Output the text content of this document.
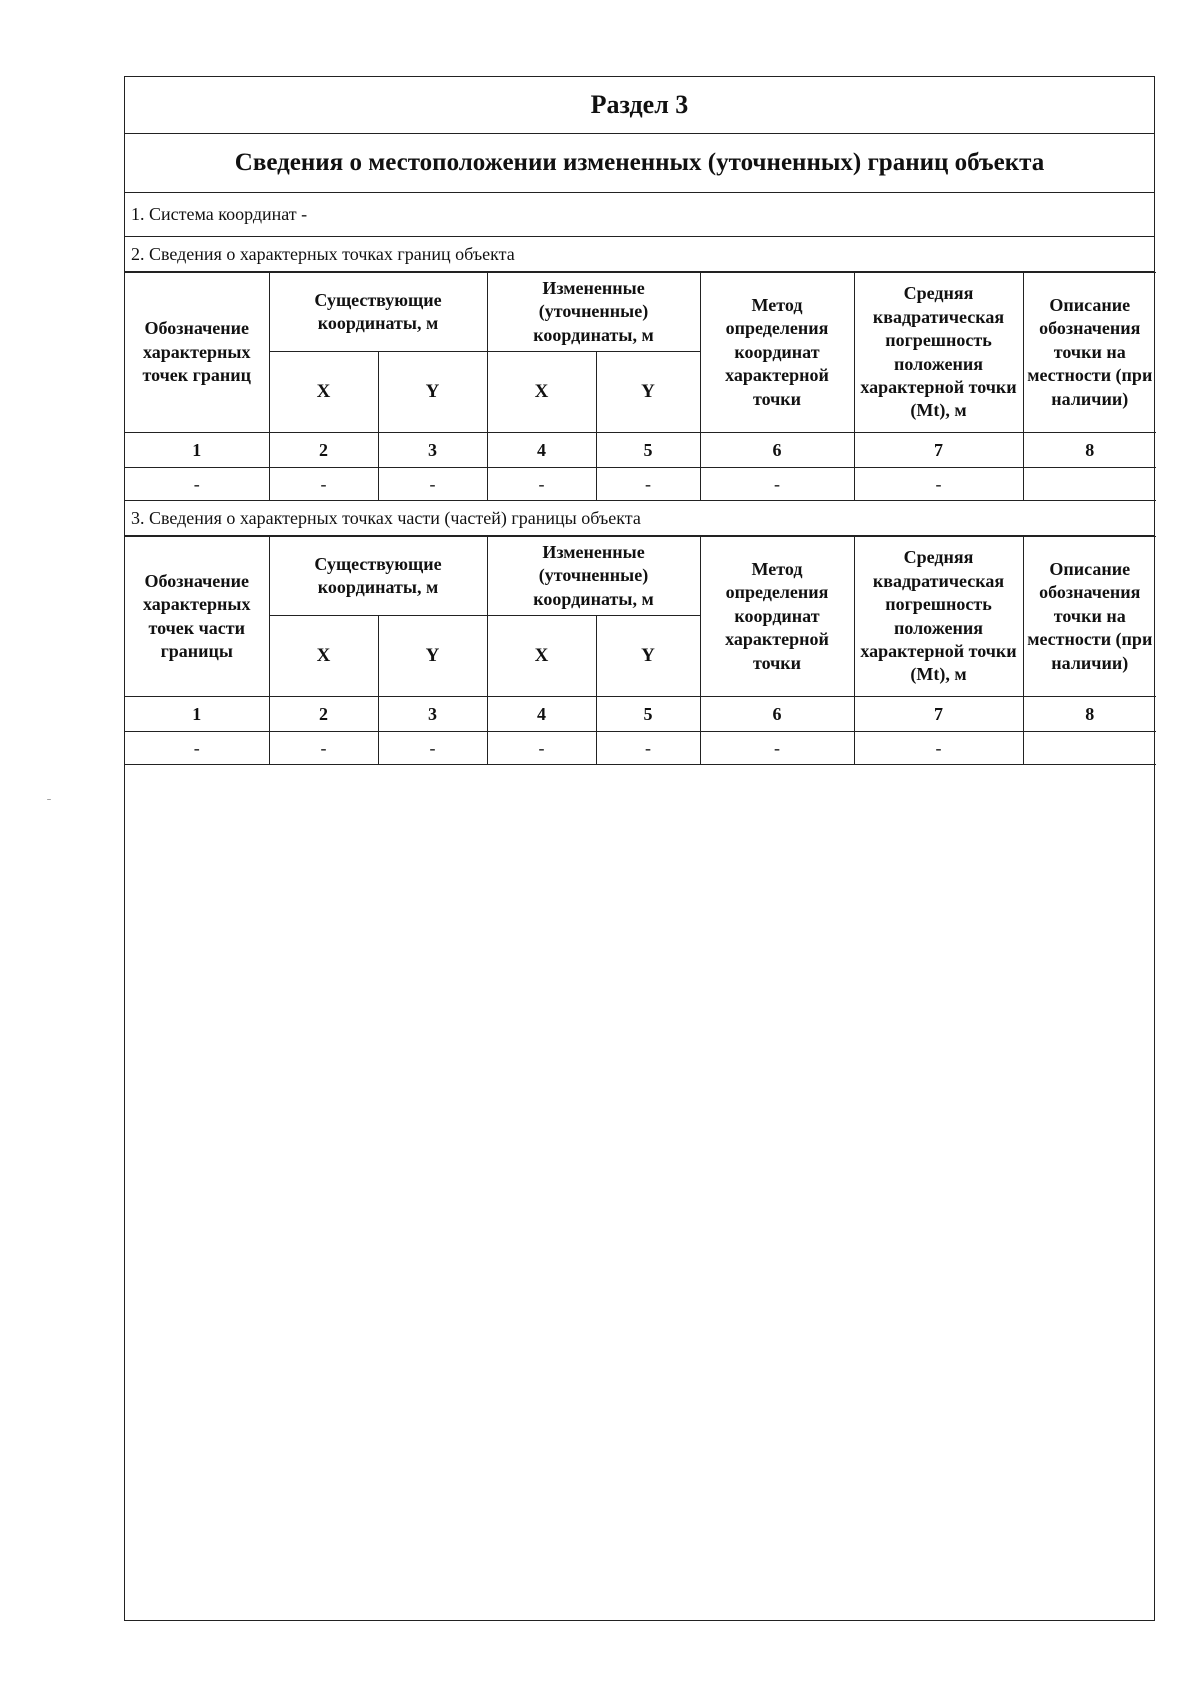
Раздел 3
Сведения о местоположении измененных (уточненных) границ объекта
1. Система координат -
2. Сведения о характерных точках границ объекта
Обозначение характерных точек границ	Существующие координаты, м		Измененные (уточненные) координаты, м		Метод определения координат характерной точки	Средняя квадратическая погрешность положения характерной точки (Mt), м	Описание обозначения точки на местности (при наличии)
	X	Y	X	Y			
1	2	3	4	5	6	7	8
-	-	-	-	-	-	-	
3. Сведения о характерных точках части (частей) границы объекта
Обозначение характерных точек части границы	Существующие координаты, м		Измененные (уточненные) координаты, м		Метод определения координат характерной точки	Средняя квадратическая погрешность положения характерной точки (Mt), м	Описание обозначения точки на местности (при наличии)
	X	Y	X	Y			
1	2	3	4	5	6	7	8
-	-	-	-	-	-	-	
ˉ
